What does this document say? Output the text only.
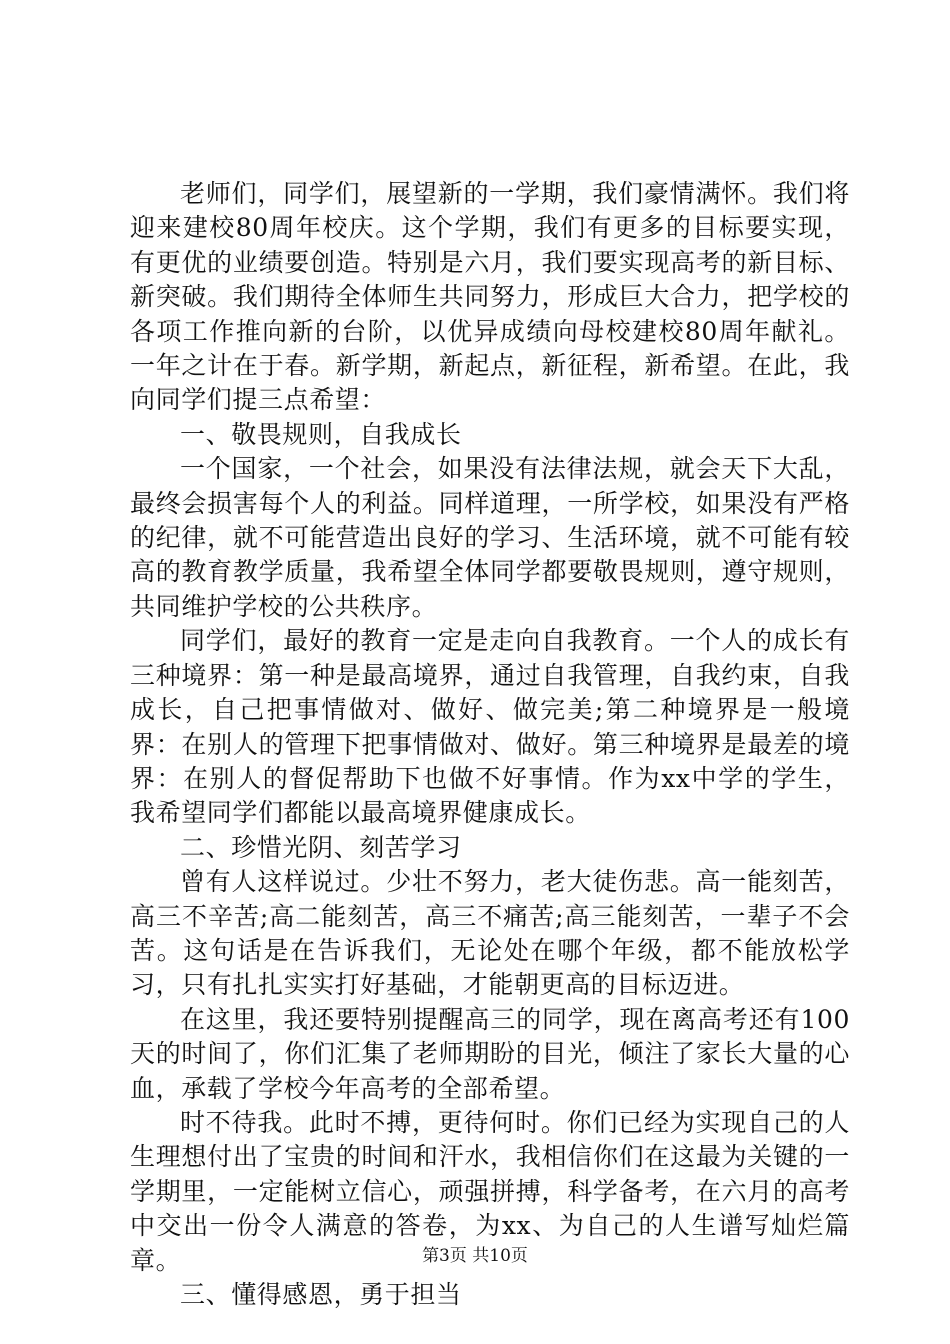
老师们，同学们，展望新的一学期，我们豪情满怀。我们将迎来建校80周年校庆。这个学期，我们有更多的目标要实现，有更优的业绩要创造。特别是六月，我们要实现高考的新目标、新突破。我们期待全体师生共同努力，形成巨大合力，把学校的各项工作推向新的台阶，以优异成绩向母校建校80周年献礼。一年之计在于春。新学期，新起点，新征程，新希望。在此，我向同学们提三点希望：

一、敬畏规则，自我成长

一个国家，一个社会，如果没有法律法规，就会天下大乱，最终会损害每个人的利益。同样道理，一所学校，如果没有严格的纪律，就不可能营造出良好的学习、生活环境，就不可能有较高的教育教学质量，我希望全体同学都要敬畏规则，遵守规则，共同维护学校的公共秩序。

同学们，最好的教育一定是走向自我教育。一个人的成长有三种境界：第一种是最高境界，通过自我管理，自我约束，自我成长，自己把事情做对、做好、做完美;第二种境界是一般境界：在别人的管理下把事情做对、做好。第三种境界是最差的境界：在别人的督促帮助下也做不好事情。作为xx中学的学生，我希望同学们都能以最高境界健康成长。

二、珍惜光阴、刻苦学习

曾有人这样说过。少壮不努力，老大徒伤悲。高一能刻苦，高三不辛苦;高二能刻苦，高三不痛苦;高三能刻苦，一辈子不会苦。这句话是在告诉我们，无论处在哪个年级，都不能放松学习，只有扎扎实实打好基础，才能朝更高的目标迈进。

在这里，我还要特别提醒高三的同学，现在离高考还有100天的时间了，你们汇集了老师期盼的目光，倾注了家长大量的心血，承载了学校今年高考的全部希望。

时不待我。此时不搏，更待何时。你们已经为实现自己的人生理想付出了宝贵的时间和汗水，我相信你们在这最为关键的一学期里，一定能树立信心，顽强拼搏，科学备考，在六月的高考中交出一份令人满意的答卷，为xx、为自己的人生谱写灿烂篇章。

三、懂得感恩，勇于担当

第3页 共10页
